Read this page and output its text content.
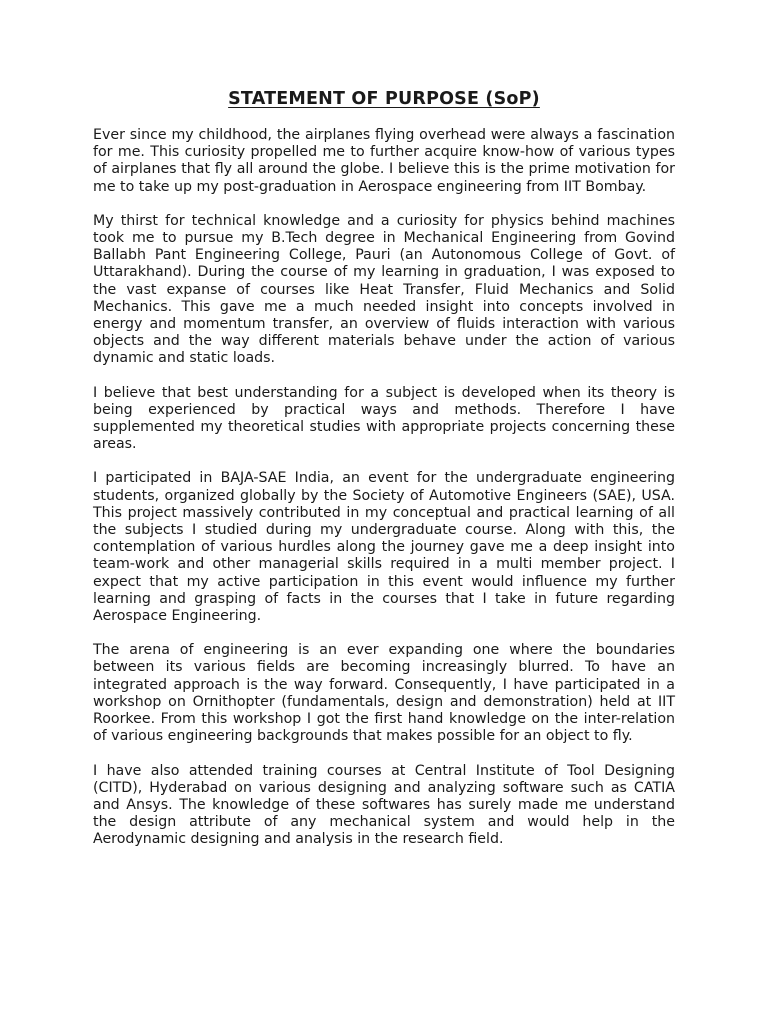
STATEMENT OF PURPOSE (SoP)

Ever since my childhood, the airplanes flying overhead were always a fascination for me. This curiosity propelled me to further acquire know-how of various types of airplanes that fly all around the globe. I believe this is the prime motivation for me to take up my post-graduation in Aerospace engineering from IIT Bombay.

My thirst for technical knowledge and a curiosity for physics behind machines took me to pursue my B.Tech degree in Mechanical Engineering from Govind Ballabh Pant Engineering College, Pauri (an Autonomous College of Govt. of Uttarakhand). During the course of my learning in graduation, I was exposed to the vast expanse of courses like Heat Transfer, Fluid Mechanics and Solid Mechanics. This gave me a much needed insight into concepts involved in energy and momentum transfer, an overview of fluids interaction with various objects and the way different materials behave under the action of various dynamic and static loads.

I believe that best understanding for a subject is developed when its theory is being experienced by practical ways and methods. Therefore I have supplemented my theoretical studies with appropriate projects concerning these areas.

I participated in BAJA-SAE India, an event for the undergraduate engineering students, organized globally by the Society of Automotive Engineers (SAE), USA. This project massively contributed in my conceptual and practical learning of all the subjects I studied during my undergraduate course. Along with this, the contemplation of various hurdles along the journey gave me a deep insight into team-work and other managerial skills required in a multi member project. I expect that my active participation in this event would influence my further learning and grasping of facts in the courses that I take in future regarding Aerospace Engineering.

The arena of engineering is an ever expanding one where the boundaries between its various fields are becoming increasingly blurred. To have an integrated approach is the way forward. Consequently, I have participated in a workshop on Ornithopter (fundamentals, design and demonstration) held at IIT Roorkee. From this workshop I got the first hand knowledge on the inter-relation of various engineering backgrounds that makes possible for an object to fly.

I have also attended training courses at Central Institute of Tool Designing (CITD), Hyderabad on various designing and analyzing software such as CATIA and Ansys. The knowledge of these softwares has surely made me understand the design attribute of any mechanical system and would help in the Aerodynamic designing and analysis in the research field.
